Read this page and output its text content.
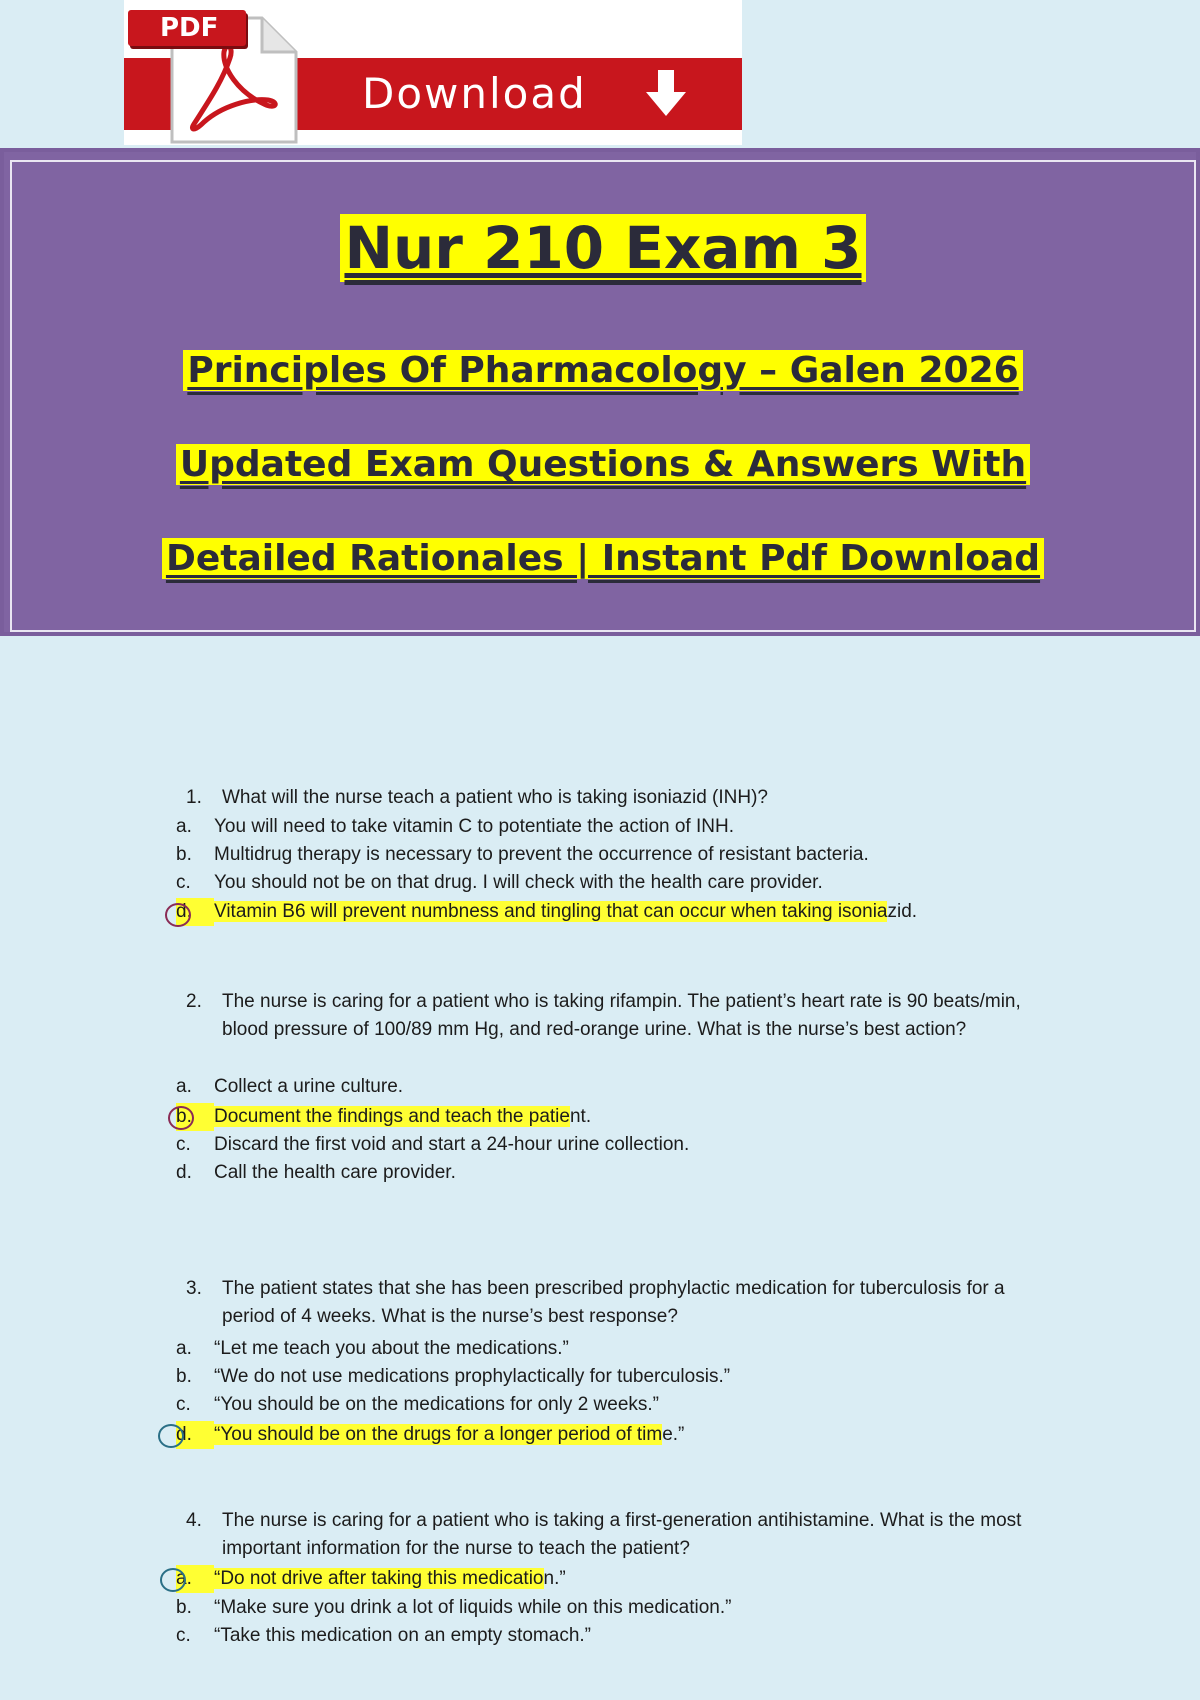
PDF
Download
Nur 210 Exam 3
Principles Of Pharmacology – Galen 2026
Updated Exam Questions & Answers With
Detailed Rationales | Instant Pdf Download
1. What will the nurse teach a patient who is taking isoniazid (INH)?
a. You will need to take vitamin C to potentiate the action of INH.
b. Multidrug therapy is necessary to prevent the occurrence of resistant bacteria.
c. You should not be on that drug. I will check with the health care provider.
d. Vitamin B6 will prevent numbness and tingling that can occur when taking isoniazid.
2. The nurse is caring for a patient who is taking rifampin. The patient’s heart rate is 90 beats/min, blood pressure of 100/89 mm Hg, and red-orange urine. What is the nurse’s best action?
a. Collect a urine culture.
b. Document the findings and teach the patient.
c. Discard the first void and start a 24-hour urine collection.
d. Call the health care provider.
3. The patient states that she has been prescribed prophylactic medication for tuberculosis for a period of 4 weeks. What is the nurse’s best response?
a. “Let me teach you about the medications.”
b. “We do not use medications prophylactically for tuberculosis.”
c. “You should be on the medications for only 2 weeks.”
d. “You should be on the drugs for a longer period of time.”
4. The nurse is caring for a patient who is taking a first-generation antihistamine. What is the most important information for the nurse to teach the patient?
a. “Do not drive after taking this medication.”
b. “Make sure you drink a lot of liquids while on this medication.”
c. “Take this medication on an empty stomach.”
